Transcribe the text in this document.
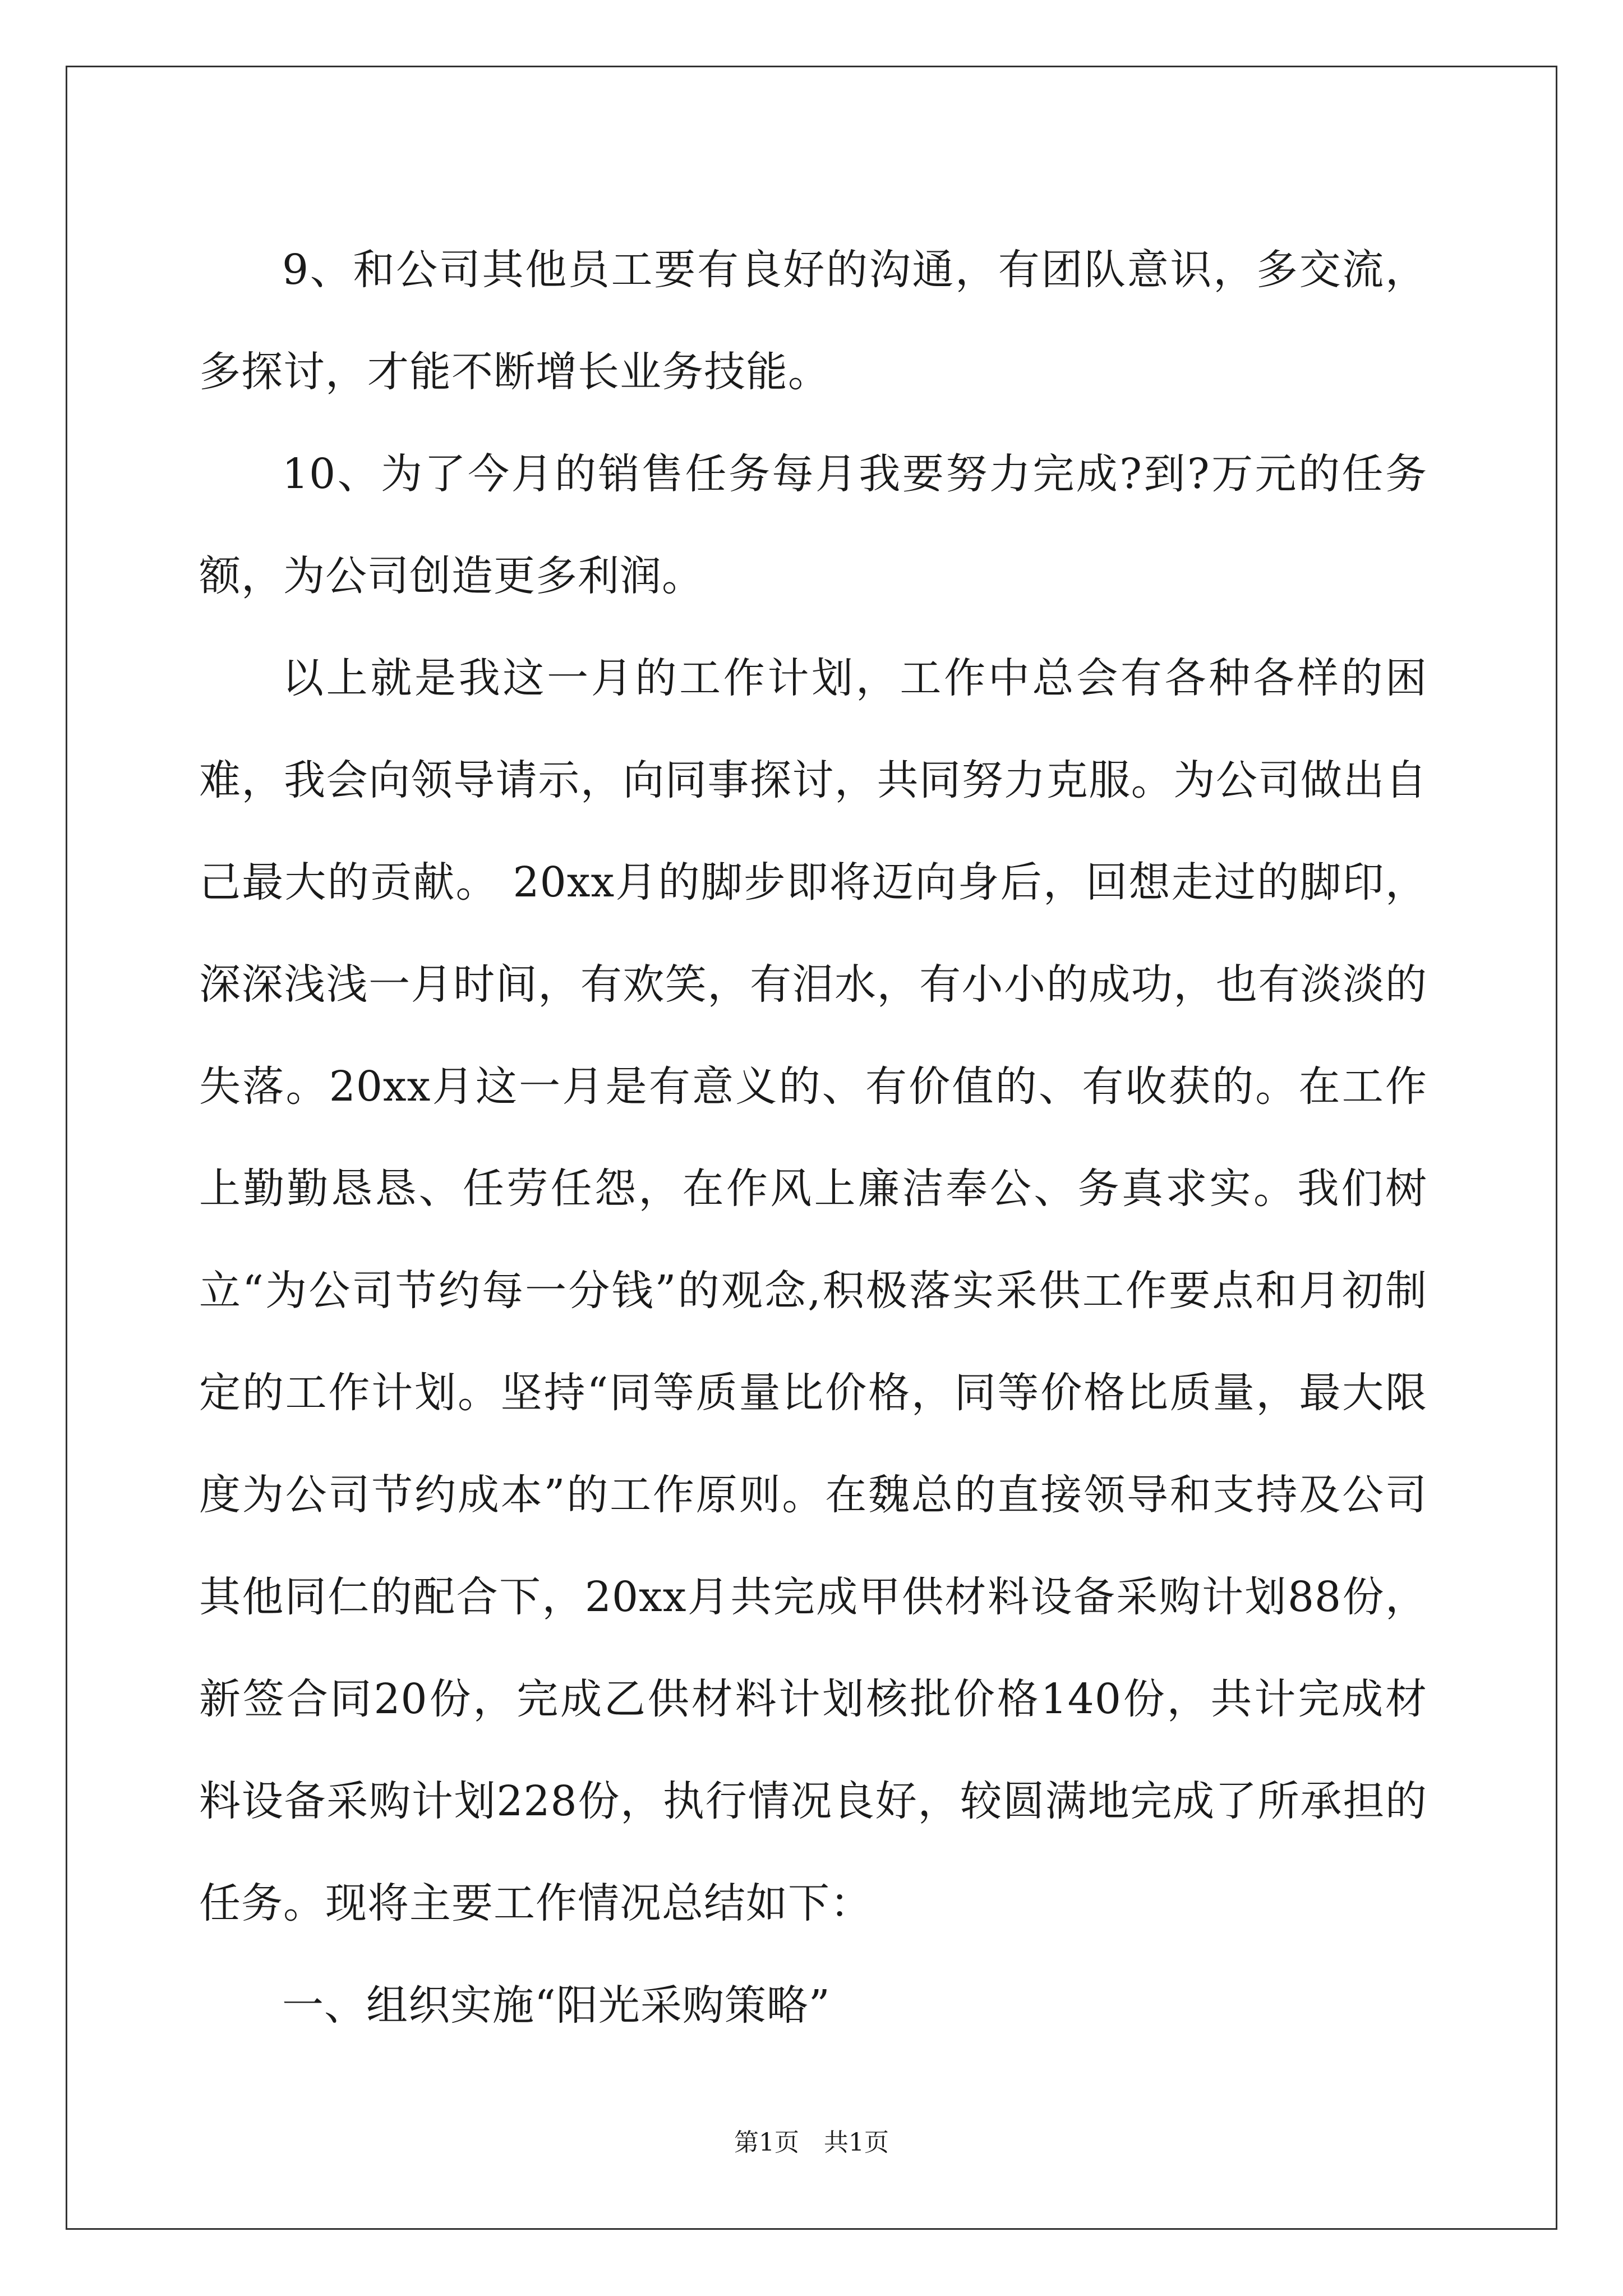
9、和公司其他员工要有良好的沟通，有团队意识，多交流，多探讨，才能不断增长业务技能。

10、为了今月的销售任务每月我要努力完成?到?万元的任务额，为公司创造更多利润。

以上就是我这一月的工作计划，工作中总会有各种各样的困难，我会向领导请示，向同事探讨，共同努力克服。为公司做出自己最大的贡献。 20xx月的脚步即将迈向身后，回想走过的脚印，深深浅浅一月时间，有欢笑，有泪水，有小小的成功，也有淡淡的失落。20xx月这一月是有意义的、有价值的、有收获的。在工作上勤勤恳恳、任劳任怨，在作风上廉洁奉公、务真求实。我们树立“为公司节约每一分钱”的观念,积极落实采供工作要点和月初制定的工作计划。坚持“同等质量比价格，同等价格比质量，最大限度为公司节约成本”的工作原则。在魏总的直接领导和支持及公司其他同仁的配合下，20xx月共完成甲供材料设备采购计划88份，新签合同20份，完成乙供材料计划核批价格140份，共计完成材料设备采购计划228份，执行情况良好，较圆满地完成了所承担的任务。现将主要工作情况总结如下：

一、组织实施“阳光采购策略”

第1页　共1页
